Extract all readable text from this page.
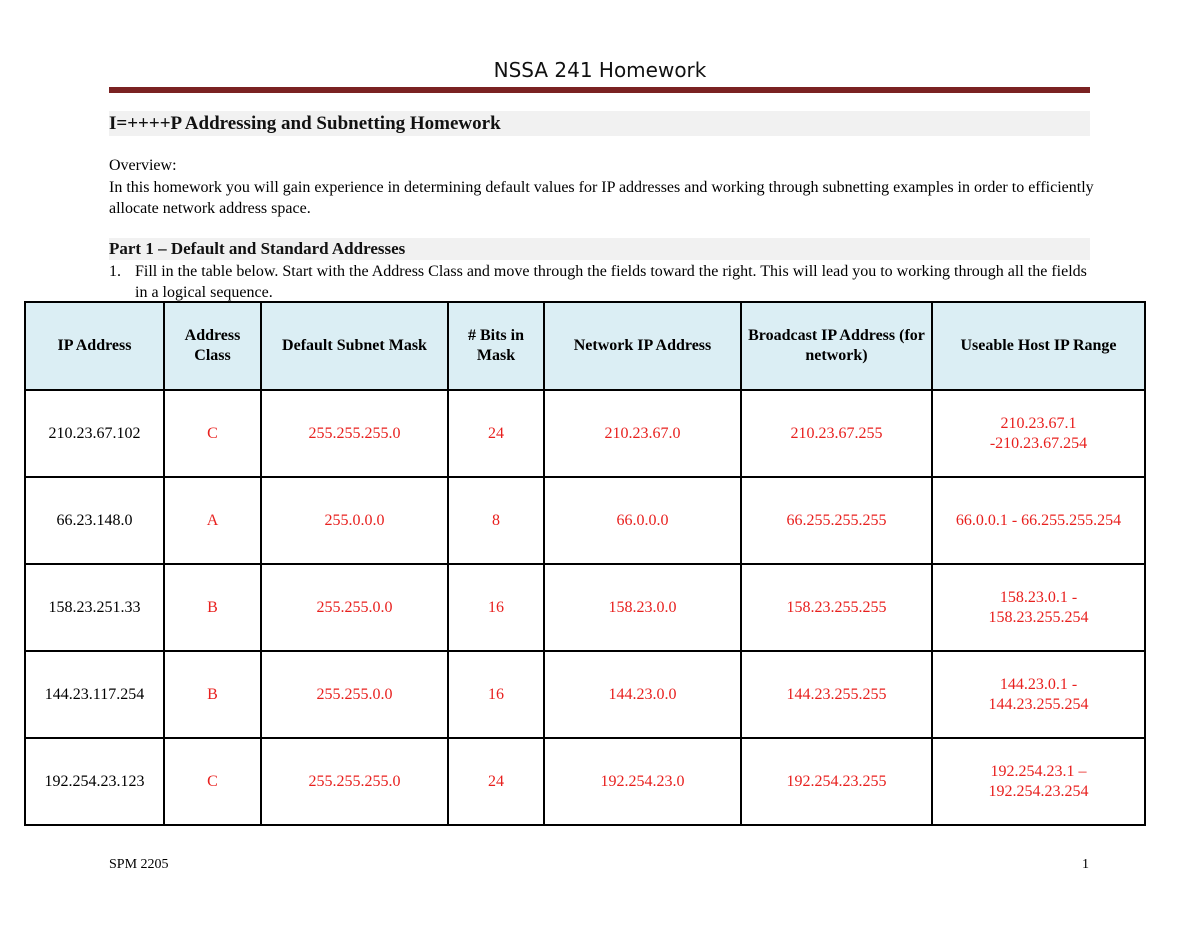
NSSA 241 Homework
I=++++P Addressing and Subnetting Homework
Overview:
In this homework you will gain experience in determining default values for IP addresses and working through subnetting examples in order to efficiently allocate network address space.
Part 1 – Default and Standard Addresses
1. Fill in the table below. Start with the Address Class and move through the fields toward the right. This will lead you to working through all the fields in a logical sequence.
IP Address	Address Class	Default Subnet Mask	# Bits in Mask	Network IP Address	Broadcast IP Address (for network)	Useable Host IP Range
210.23.67.102	C	255.255.255.0	24	210.23.67.0	210.23.67.255	210.23.67.1
-210.23.67.254
66.23.148.0	A	255.0.0.0	8	66.0.0.0	66.255.255.255	66.0.0.1 - 66.255.255.254
158.23.251.33	B	255.255.0.0	16	158.23.0.0	158.23.255.255	158.23.0.1 -
158.23.255.254
144.23.117.254	B	255.255.0.0	16	144.23.0.0	144.23.255.255	144.23.0.1 -
144.23.255.254
192.254.23.123	C	255.255.255.0	24	192.254.23.0	192.254.23.255	192.254.23.1 –
192.254.23.254
SPM 2205	1
